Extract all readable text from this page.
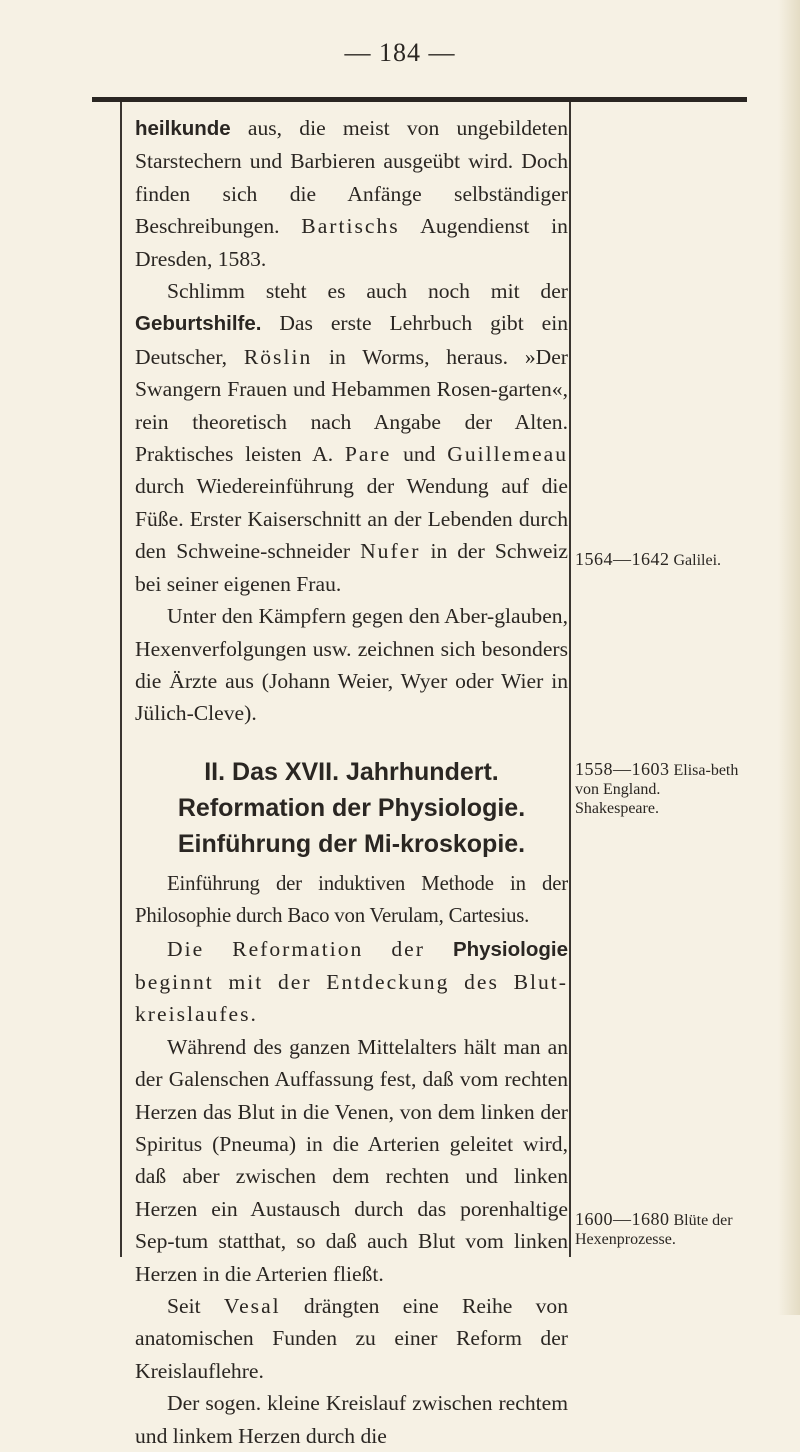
— 184 —

heilkunde aus, die meist von ungebildeten Starstechern und Barbieren ausgeübt wird. Doch finden sich die Anfänge selbständiger Beschreibungen. Bartischs Augendienst in Dresden, 1583.

Schlimm steht es auch noch mit der Geburtshilfe. Das erste Lehrbuch gibt ein Deutscher, Röslin in Worms, heraus. »Der Swangern Frauen und Hebammen Rosen-garten«, rein theoretisch nach Angabe der Alten. Praktisches leisten A. Pare und Guillemeau durch Wiedereinführung der Wendung auf die Füße. Erster Kaiserschnitt an der Lebenden durch den Schweine-schneider Nufer in der Schweiz bei seiner eigenen Frau.

Unter den Kämpfern gegen den Aber-glauben, Hexenverfolgungen usw. zeichnen sich besonders die Ärzte aus (Johann Weier, Wyer oder Wier in Jülich-Cleve).

II. Das XVII. Jahrhundert. Reformation der Physiologie. Einführung der Mi-kroskopie.

Einführung der induktiven Methode in der Philosophie durch Baco von Verulam, Cartesius.

Die Reformation der Physiologie beginnt mit der Entdeckung des Blut-kreislaufes.

Während des ganzen Mittelalters hält man an der Galenschen Auffassung fest, daß vom rechten Herzen das Blut in die Venen, von dem linken der Spiritus (Pneuma) in die Arterien geleitet wird, daß aber zwischen dem rechten und linken Herzen ein Austausch durch das porenhaltige Sep-tum statthat, so daß auch Blut vom linken Herzen in die Arterien fließt.

Seit Vesal drängten eine Reihe von anatomischen Funden zu einer Reform der Kreislauflehre.

Der sogen. kleine Kreislauf zwischen rechtem und linkem Herzen durch die

1564—1642 Galilei.
1558—1603 Elisa-beth von England. Shakespeare.
1600—1680 Blüte der Hexenprozesse.
